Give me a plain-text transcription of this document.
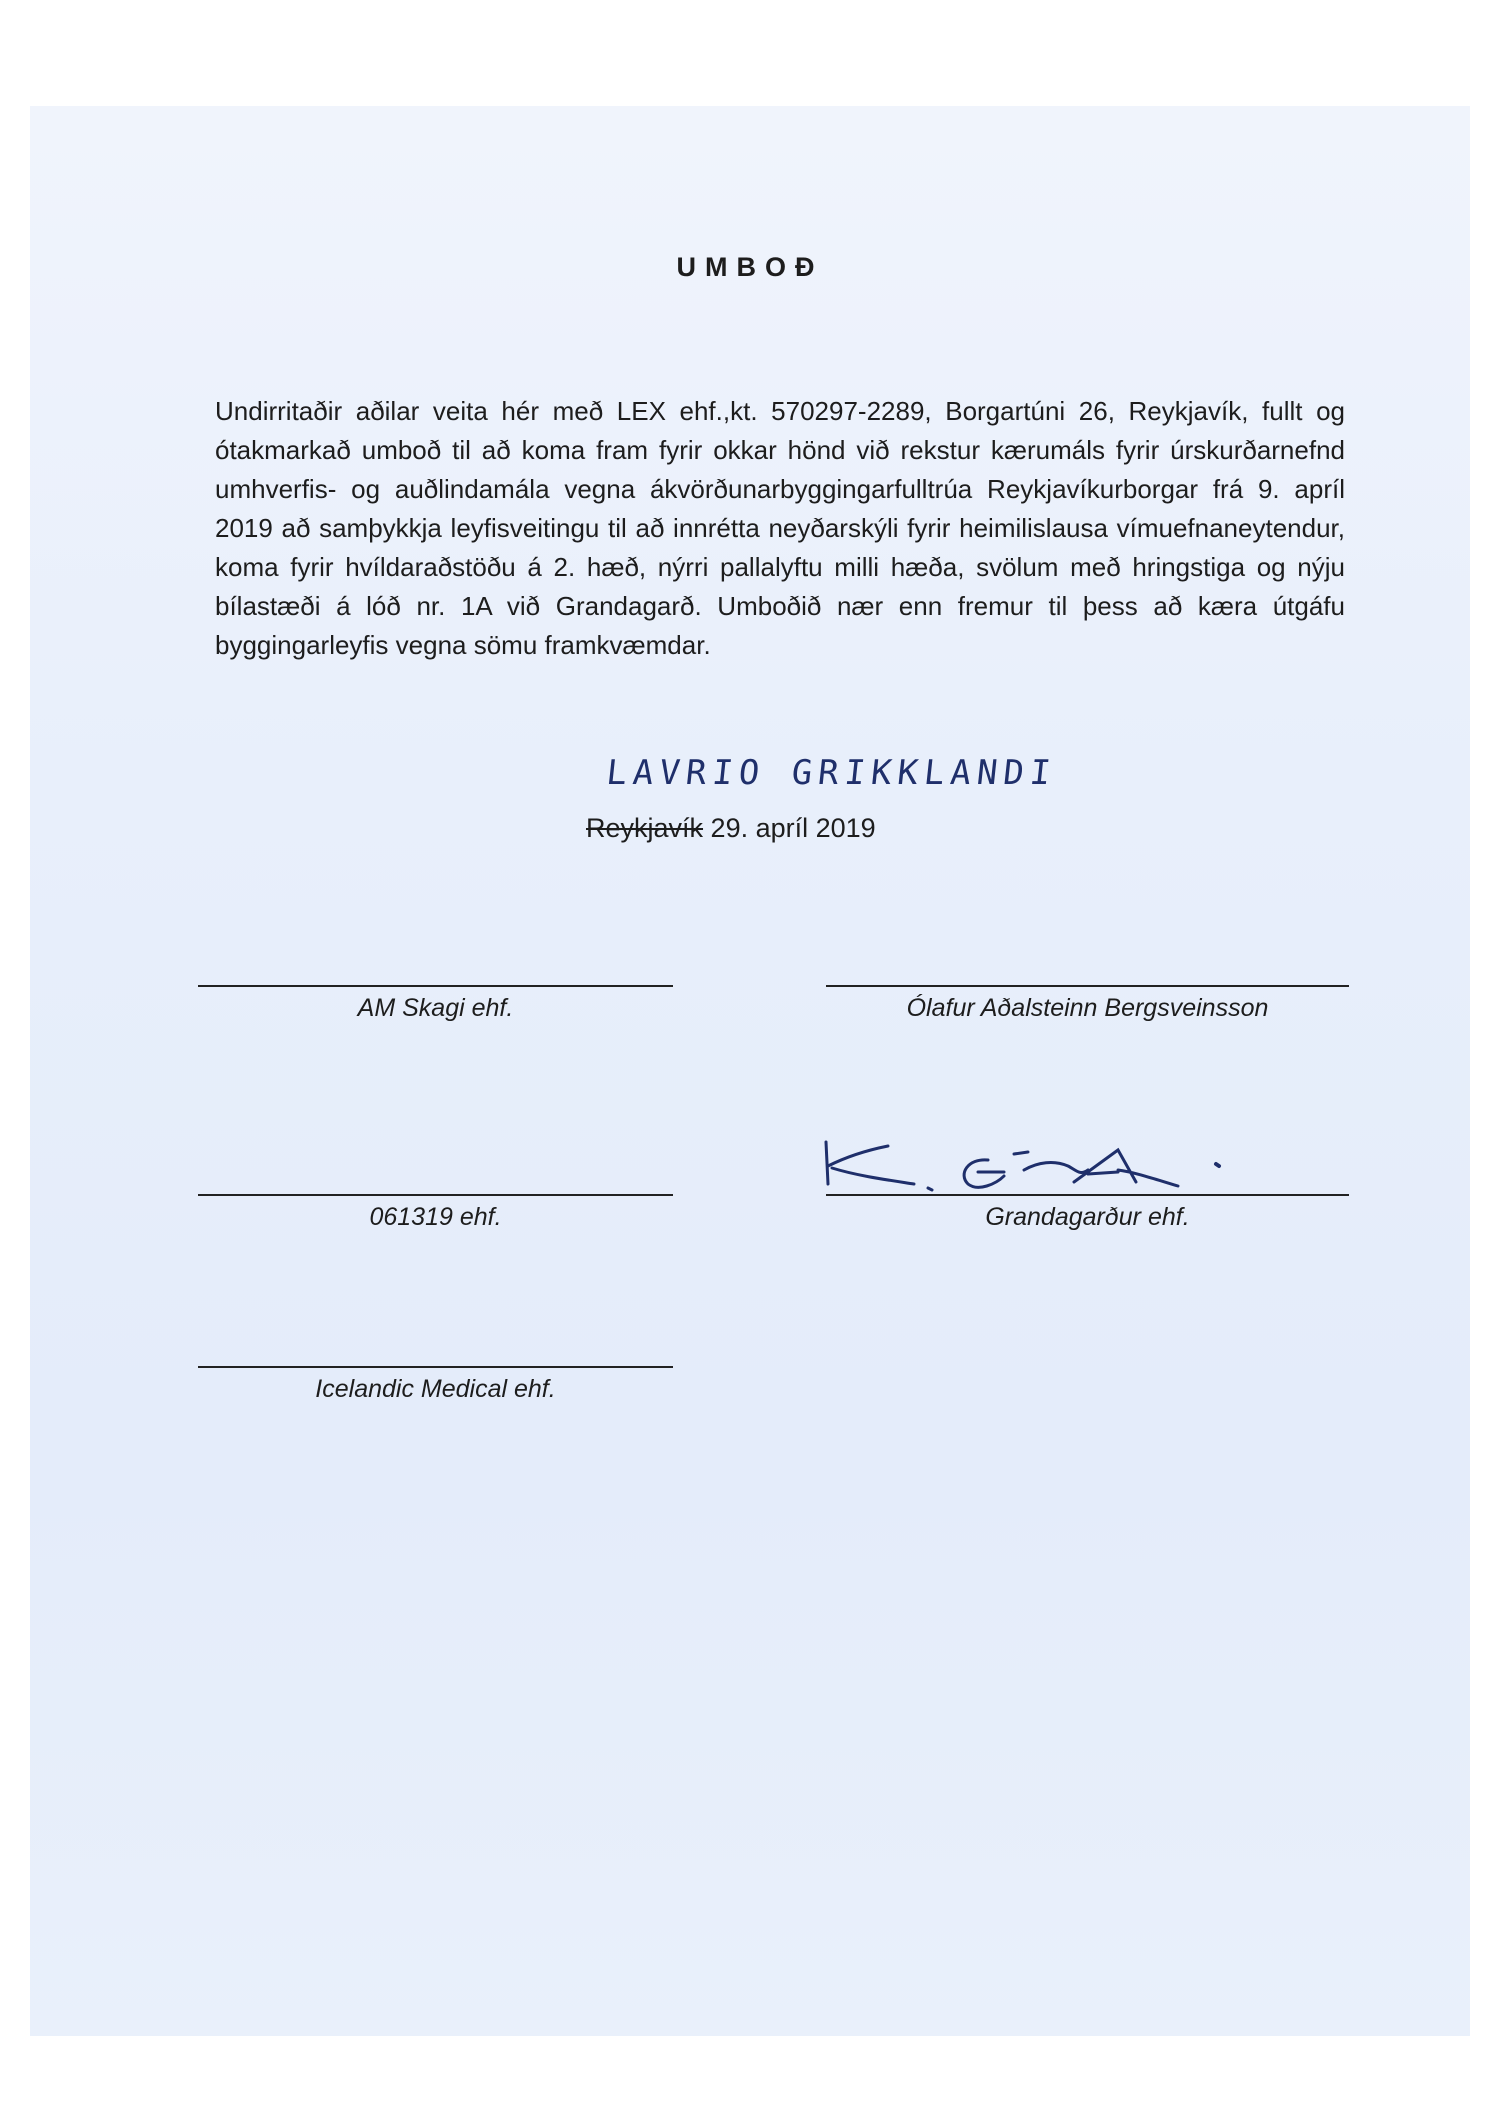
UMBOÐ
Undirritaðir aðilar veita hér með LEX ehf.,kt. 570297-2289, Borgartúni 26, Reykjavík, fullt og ótakmarkað umboð til að koma fram fyrir okkar hönd við rekstur kærumáls fyrir úrskurðarnefnd umhverfis- og auðlindamála vegna ákvörðunarbyggingarfulltrúa Reykjavíkurborgar frá 9. apríl 2019 að samþykkja leyfisveitingu til að innrétta neyðarskýli fyrir heimilislausa vímuefnaneytendur, koma fyrir hvíldaraðstöðu á 2. hæð, nýrri pallalyftu milli hæða, svölum með hringstiga og nýju bílastæði á lóð nr. 1A við Grandagarð. Umboðið nær enn fremur til þess að kæra útgáfu byggingarleyfis vegna sömu framkvæmdar.
LAVRIO GRIKKLANDI
Reykjavík 29. apríl 2019
AM Skagi ehf.	Ólafur Aðalsteinn Bergsveinsson
061319 ehf.	Grandagarður ehf.
Icelandic Medical ehf.
